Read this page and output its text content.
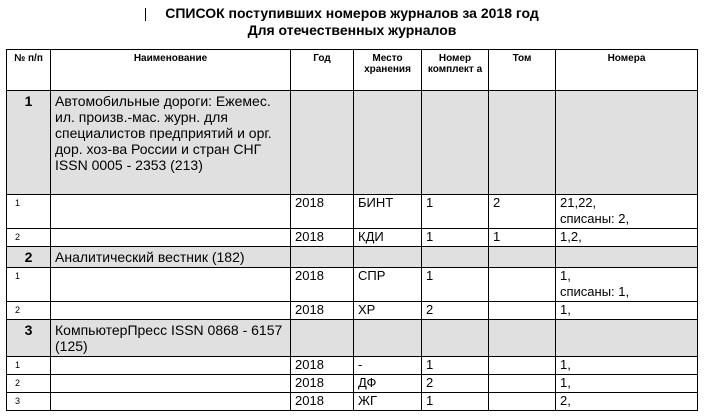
СПИСОК поступивших номеров журналов за 2018 год
Для отечественных журналов
№ п/п	Наименование	Год	Место хранения	Номер комплект а	Том	Номера
1	Автомобильные дороги: Ежемес. ил. произв.-мас. журн. для специалистов предприятий и орг. дор. хоз-ва России и стран СНГ ISSN 0005 - 2353 (213)					
1		2018	БИНТ	1	2	21,22,
списаны: 2,

2		2018	КДИ	1	1	1,2,
2	Аналитический вестник (182)					
1		2018	СПР	1		1,
списаны: 1,

2		2018	ХР	2		1,
3	КомпьютерПресс ISSN 0868 - 6157 (125)					
1		2018	-	1		1,
2		2018	ДФ	2		1,
3		2018	ЖГ	1		2,
